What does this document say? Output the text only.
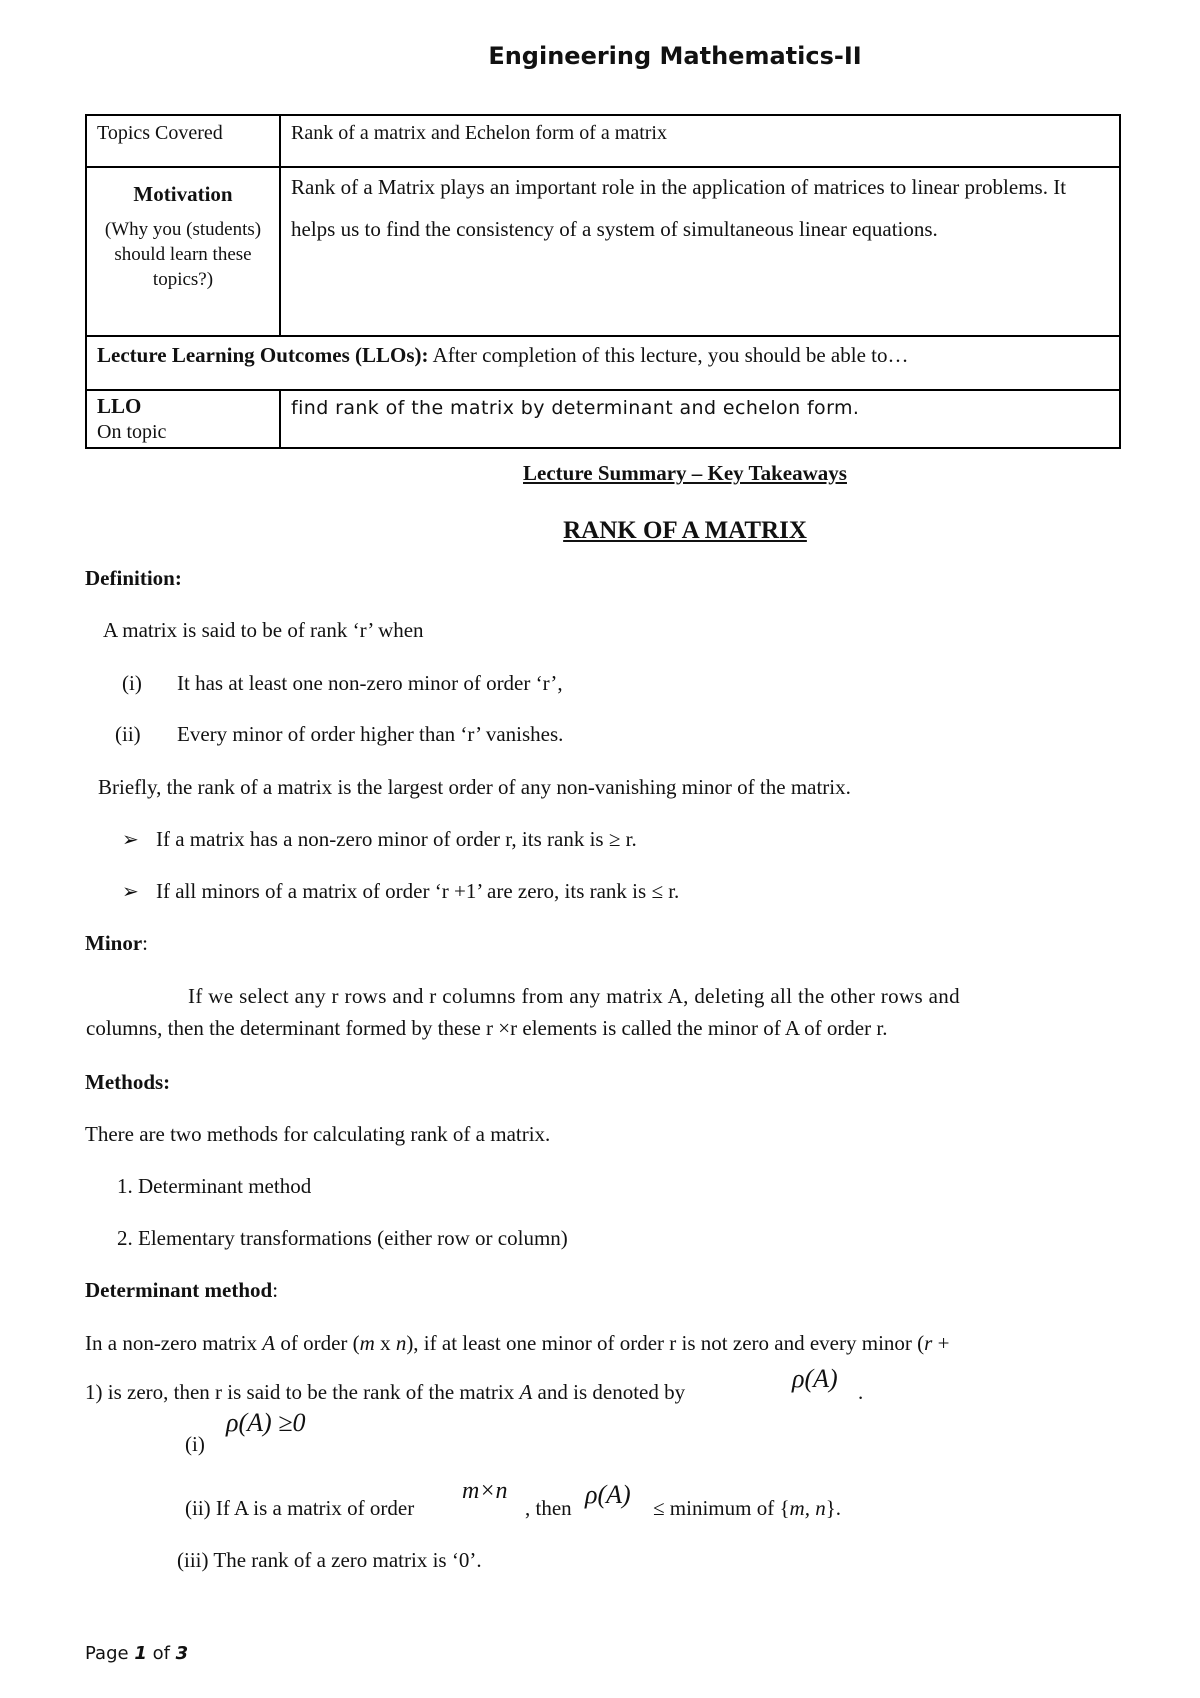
Engineering Mathematics-II
Topics Covered	Rank of a matrix and Echelon form of a matrix

Motivation
(Why you (students) should learn these topics?)	Rank of a Matrix plays an important role in the application of matrices to linear problems. It helps us to find the consistency of a system of simultaneous linear equations.

Lecture Learning Outcomes (LLOs): After completion of this lecture, you should be able to…	

LLO
On topic	find rank of the matrix by determinant and echelon form.
Lecture Summary – Key Takeaways
RANK OF A MATRIX
Definition:
A matrix is said to be of rank ‘r’ when
(i) It has at least one non-zero minor of order ‘r’,
(ii) Every minor of order higher than ‘r’ vanishes.
Briefly, the rank of a matrix is the largest order of any non-vanishing minor of the matrix.
➢ If a matrix has a non-zero minor of order r, its rank is ≥ r.
➢ If all minors of a matrix of order ‘r +1’ are zero, its rank is ≤ r.
Minor:
If we select any r rows and r columns from any matrix A, deleting all the other rows and
columns, then the determinant formed by these r ×r elements is called the minor of A of order r.
Methods:
There are two methods for calculating rank of a matrix.
1. Determinant method
2. Elementary transformations (either row or column)
Determinant method:
In a non-zero matrix A of order (m x n), if at least one minor of order r is not zero and every minor (r +
1) is zero, then r is said to be the rank of the matrix A and is denoted by	ρ(A) .
(i)
ρ(A) ≥0
(ii) If A is a matrix of order
m×n
, then ρ(A) ≤ minimum of {m, n}.
(iii) The rank of a zero matrix is ‘0’.
Page 1 of 3
